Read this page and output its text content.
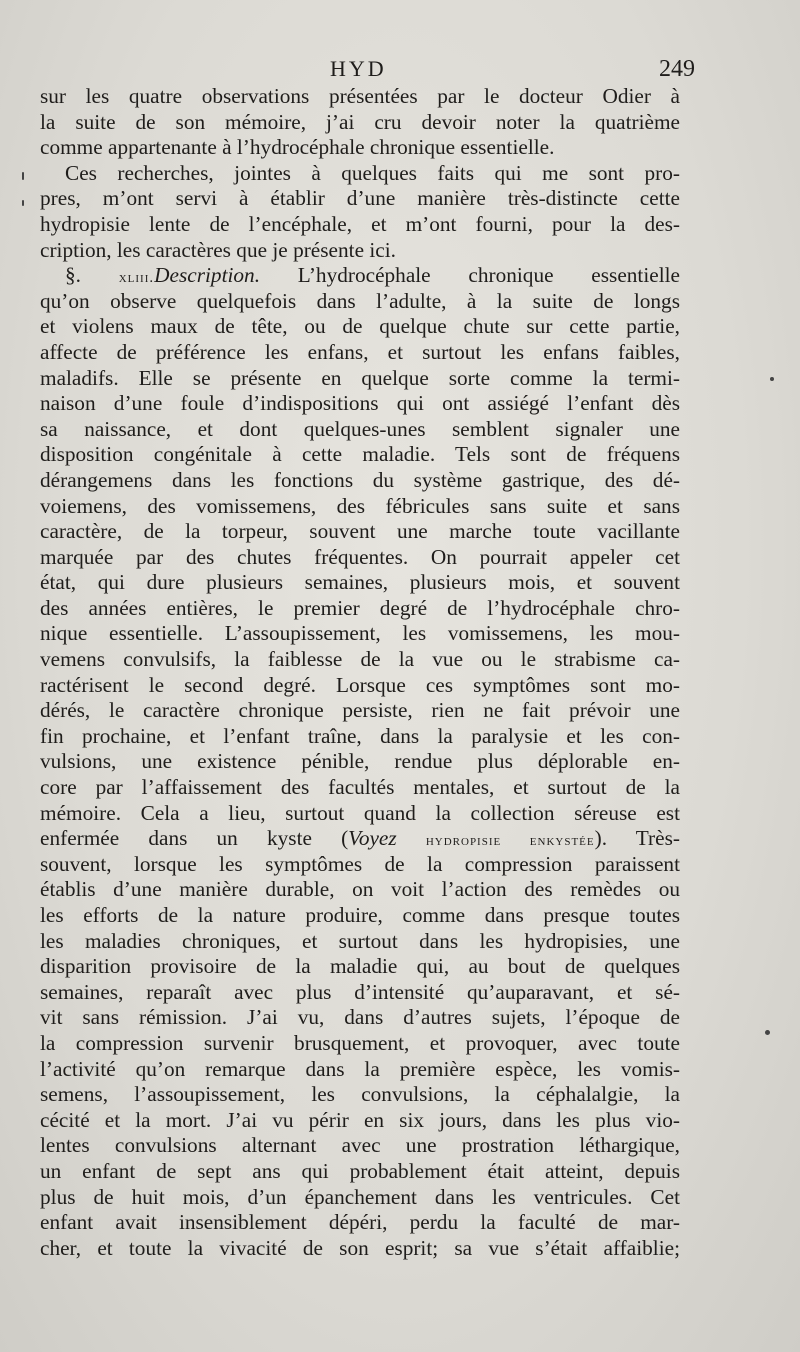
HYD	249
sur les quatre observations présentées par le docteur Odier à
la suite de son mémoire, j’ai cru devoir noter la quatrième
comme appartenante à l’hydrocéphale chronique essentielle.
Ces recherches, jointes à quelques faits qui me sont pro-
pres, m’ont servi à établir d’une manière très-distincte cette
hydropisie lente de l’encéphale, et m’ont fourni, pour la des-
cription, les caractères que je présente ici.
§.	xliii.Description. L’hydrocéphale chronique essentielle
qu’on observe quelquefois dans l’adulte, à la suite de longs
et violens maux de tête, ou de quelque chute sur cette partie,
affecte de préférence les enfans, et surtout les enfans faibles,
maladifs. Elle se présente en quelque sorte comme la termi-
naison d’une foule d’indispositions qui ont assiégé l’enfant dès
sa naissance, et dont quelques-unes semblent signaler une
disposition congénitale à cette maladie. Tels sont de fréquens
dérangemens dans les fonctions du système gastrique, des dé-
voiemens, des vomissemens, des fébricules sans suite et sans
caractère, de la torpeur, souvent une marche toute vacillante
marquée par des chutes fréquentes. On pourrait appeler cet
état, qui dure plusieurs semaines, plusieurs mois, et souvent
des années entières, le premier degré de l’hydrocéphale chro-
nique essentielle. L’assoupissement, les vomissemens, les mou-
vemens convulsifs, la faiblesse de la vue ou le strabisme ca-
ractérisent le second degré. Lorsque ces symptômes sont mo-
dérés, le caractère chronique persiste, rien ne fait prévoir une
fin prochaine, et l’enfant traîne, dans la paralysie et les con-
vulsions, une existence pénible, rendue plus déplorable en-
core par l’affaissement des facultés mentales, et surtout de la
mémoire. Cela a lieu, surtout quand la collection séreuse est
enfermée dans un kyste (Voyez hydropisie enkystée). Très-
souvent, lorsque les symptômes de la compression paraissent
établis d’une manière durable, on voit l’action des remèdes ou
les efforts de la nature produire, comme dans presque toutes
les maladies chroniques, et surtout dans les hydropisies, une
disparition provisoire de la maladie qui, au bout de quelques
semaines, reparaît avec plus d’intensité qu’auparavant, et sé-
vit sans rémission. J’ai vu, dans d’autres sujets, l’époque de
la compression survenir brusquement, et provoquer, avec toute
l’activité qu’on remarque dans la première espèce, les vomis-
semens, l’assoupissement, les convulsions, la céphalalgie, la
cécité et la mort. J’ai vu périr en six jours, dans les plus vio-
lentes convulsions alternant avec une prostration léthargique,
un enfant de sept ans qui probablement était atteint, depuis
plus de huit mois, d’un épanchement dans les ventricules. Cet
enfant avait insensiblement dépéri, perdu la faculté de mar-
cher, et toute la vivacité de son esprit; sa vue s’était affaiblie;
